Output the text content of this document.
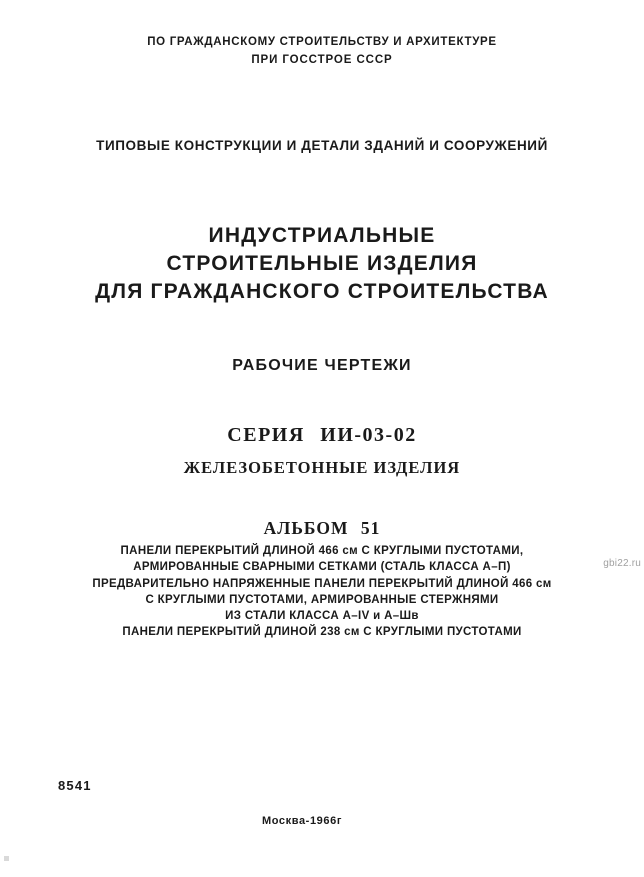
ПО ГРАЖДАНСКОМУ СТРОИТЕЛЬСТВУ И АРХИТЕКТУРЕ
ПРИ ГОССТРОЕ СССР
ТИПОВЫЕ КОНСТРУКЦИИ И ДЕТАЛИ ЗДАНИЙ И СООРУЖЕНИЙ
ИНДУСТРИАЛЬНЫЕ
СТРОИТЕЛЬНЫЕ ИЗДЕЛИЯ
ДЛЯ ГРАЖДАНСКОГО СТРОИТЕЛЬСТВА
РАБОЧИЕ ЧЕРТЕЖИ
СЕРИЯ ИИ-03-02
ЖЕЛЕЗОБЕТОННЫЕ ИЗДЕЛИЯ
АЛЬБОМ 51
ПАНЕЛИ ПЕРЕКРЫТИЙ ДЛИНОЙ 466 см С КРУГЛЫМИ ПУСТОТАМИ,
АРМИРОВАННЫЕ СВАРНЫМИ СЕТКАМИ (СТАЛЬ КЛАССА А–П)
ПРЕДВАРИТЕЛЬНО НАПРЯЖЕННЫЕ ПАНЕЛИ ПЕРЕКРЫТИЙ ДЛИНОЙ 466 см
С КРУГЛЫМИ ПУСТОТАМИ, АРМИРОВАННЫЕ СТЕРЖНЯМИ
ИЗ СТАЛИ КЛАССА А–IV и А–Шв
ПАНЕЛИ ПЕРЕКРЫТИЙ ДЛИНОЙ 238 см С КРУГЛЫМИ ПУСТОТАМИ
gbi22.ru
8541
Москва-1966г
